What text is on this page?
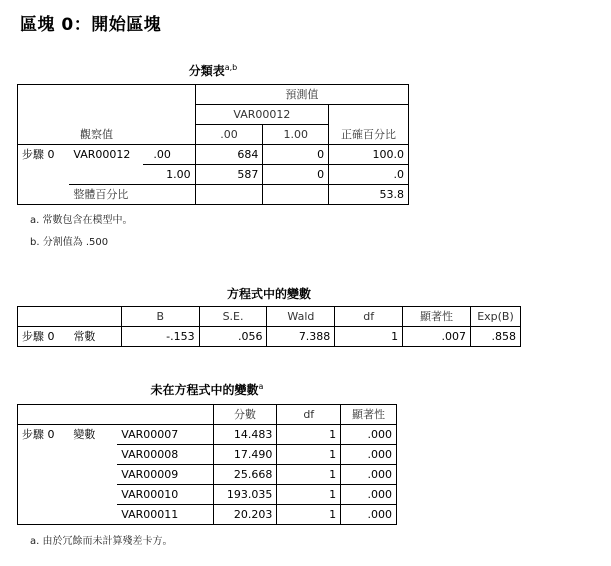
區塊 0：開始區塊
分類表$^{a,b}$
觀察值			預測值		
			VAR00012		正確百分比
			.00	1.00	
步驟 0	VAR00012	.00	684	0	100.0
		1.00	587	0	.0
	整體百分比				53.8
a. 常數包含在模型中。
b. 分割值為 .500
方程式中的變數
		B	S.E.	Wald	df	顯著性	Exp(B)
步驟 0	常數	-.153	.056	7.388	1	.007	.858
未在方程式中的變數$^a$
			分數	df	顯著性
步驟 0	變數	VAR00007	14.483	1	.000
		VAR00008	17.490	1	.000
		VAR00009	25.668	1	.000
		VAR00010	193.035	1	.000
		VAR00011	20.203	1	.000
a. 由於冗餘而未計算殘差卡方。
